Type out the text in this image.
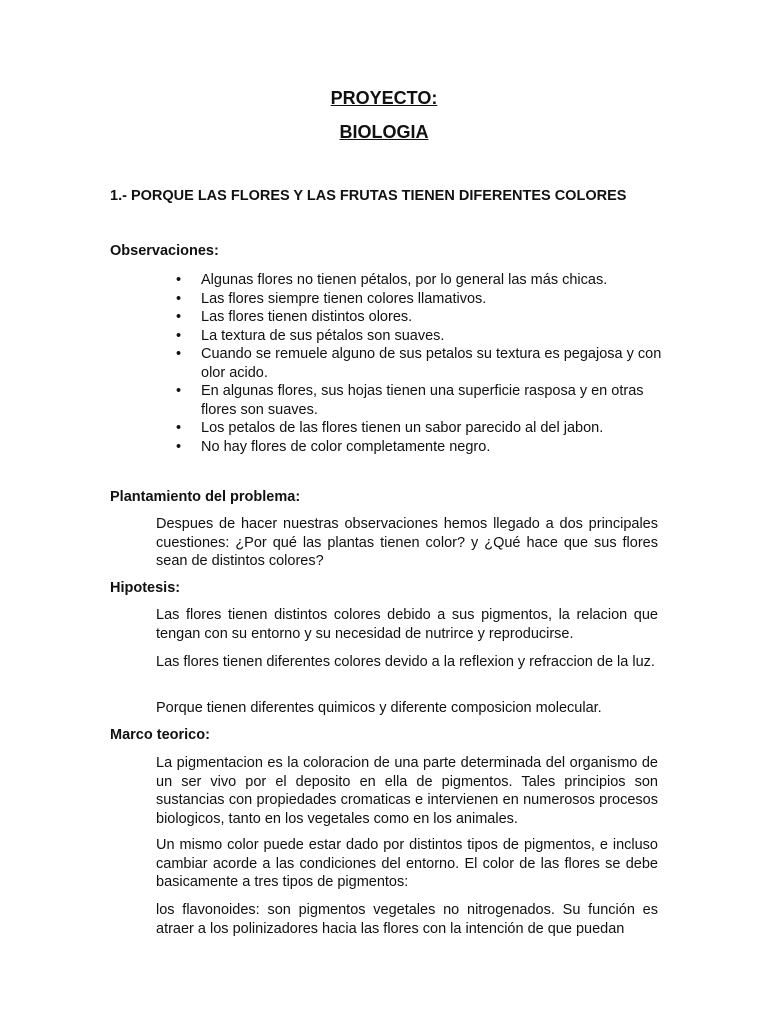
PROYECTO:
BIOLOGIA
1.- PORQUE LAS FLORES Y LAS FRUTAS TIENEN DIFERENTES COLORES
Observaciones:
• Algunas flores no tienen pétalos, por lo general las más chicas.
• Las flores siempre tienen colores llamativos.
• Las flores tienen distintos olores.
• La textura de sus pétalos son suaves.
• Cuando se remuele alguno de sus petalos su textura es pegajosa y con olor acido.
• En algunas flores, sus hojas tienen una superficie rasposa y en otras flores son suaves.
• Los petalos de las flores tienen un sabor parecido al del jabon.
• No hay flores de color completamente negro.
Plantamiento del problema:

Despues de hacer nuestras observaciones hemos llegado a dos principales cuestiones: ¿Por qué las plantas tienen color? y ¿Qué hace que sus flores sean de distintos colores?

Hipotesis:

Las flores tienen distintos colores debido a sus pigmentos, la relacion que tengan con su entorno y su necesidad de nutrirce y reproducirse.

Las flores tienen diferentes colores devido a la reflexion y refraccion de la luz.

Porque tienen diferentes quimicos y diferente composicion molecular.

Marco teorico:

La pigmentacion es la coloracion de una parte determinada del organismo de un ser vivo por el deposito en ella de pigmentos. Tales principios son sustancias con propiedades cromaticas e intervienen en numerosos procesos biologicos, tanto en los vegetales como en los animales.

Un mismo color puede estar dado por distintos tipos de pigmentos, e incluso cambiar acorde a las condiciones del entorno. El color de las flores se debe basicamente a tres tipos de pigmentos:

los flavonoides: son pigmentos vegetales no nitrogenados. Su función es atraer a los polinizadores hacia las flores con la intención de que puedan
